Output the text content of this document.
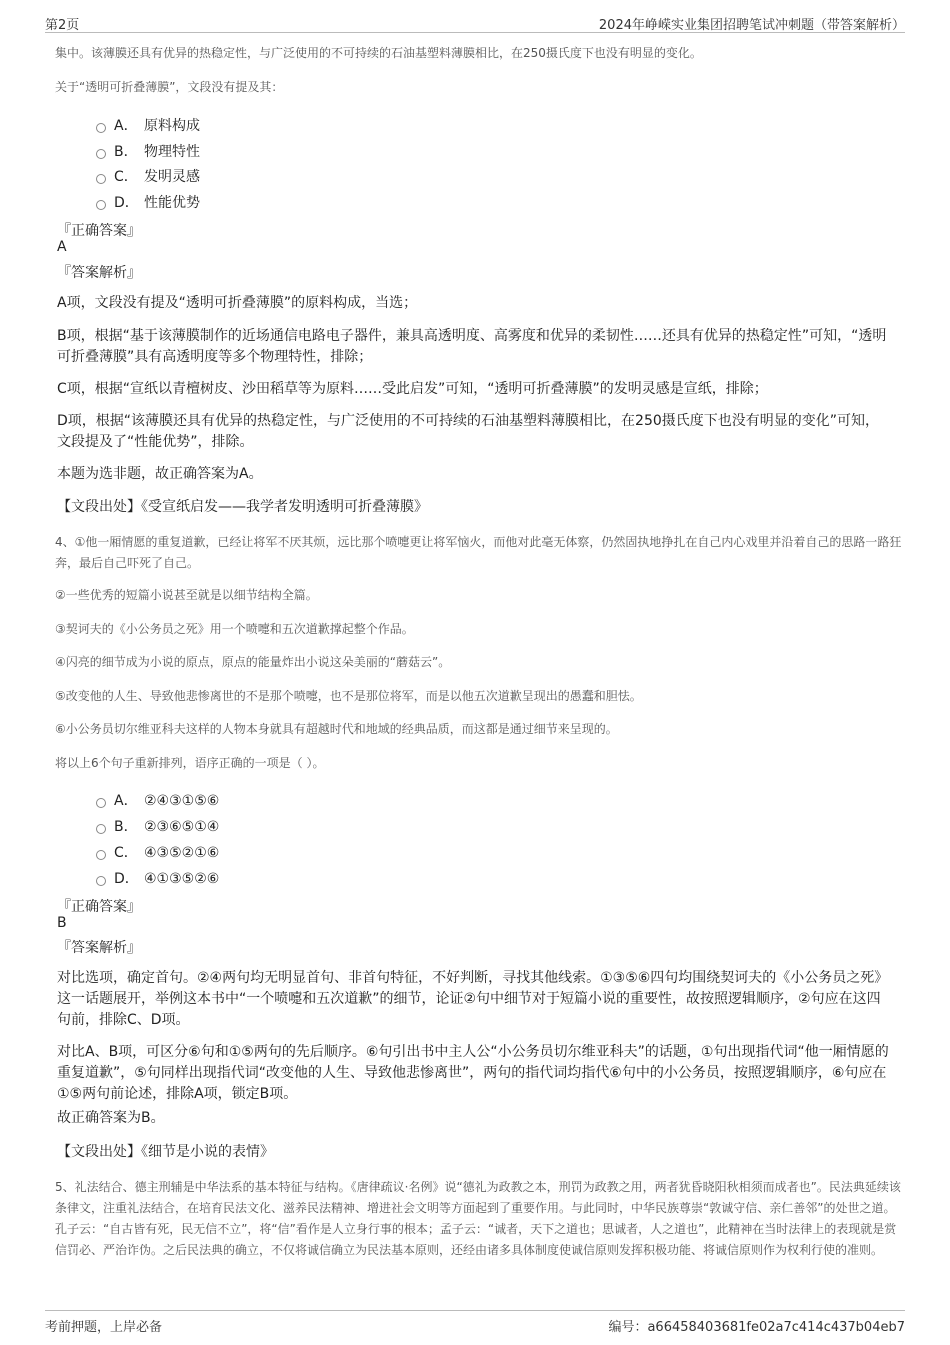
第2页	2024年峥嵘实业集团招聘笔试冲刺题（带答案解析）
集中。该薄膜还具有优异的热稳定性，与广泛使用的不可持续的石油基塑料薄膜相比，在250摄氏度下也没有明显的变化。
关于“透明可折叠薄膜”，文段没有提及其：
A． 原料构成
B． 物理特性
C． 发明灵感
D． 性能优势
『正确答案』
A
『答案解析』
A项，文段没有提及“透明可折叠薄膜”的原料构成，当选；
B项，根据“基于该薄膜制作的近场通信电路电子器件，兼具高透明度、高雾度和优异的柔韧性……还具有优异的热稳定性”可知，“透明可折叠薄膜”具有高透明度等多个物理特性，排除；
C项，根据“宣纸以青檀树皮、沙田稻草等为原料……受此启发”可知，“透明可折叠薄膜”的发明灵感是宣纸，排除；
D项，根据“该薄膜还具有优异的热稳定性，与广泛使用的不可持续的石油基塑料薄膜相比，在250摄氏度下也没有明显的变化”可知，文段提及了“性能优势”，排除。
本题为选非题，故正确答案为A。
【文段出处】《受宣纸启发——我学者发明透明可折叠薄膜》
4、①他一厢情愿的重复道歉，已经让将军不厌其烦，远比那个喷嚏更让将军恼火，而他对此毫无体察，仍然固执地挣扎在自己内心戏里并沿着自己的思路一路狂奔，最后自己吓死了自己。
②一些优秀的短篇小说甚至就是以细节结构全篇。
③契诃夫的《小公务员之死》用一个喷嚏和五次道歉撑起整个作品。
④闪亮的细节成为小说的原点，原点的能量炸出小说这朵美丽的“蘑菇云”。
⑤改变他的人生、导致他悲惨离世的不是那个喷嚏，也不是那位将军，而是以他五次道歉呈现出的愚蠢和胆怯。
⑥小公务员切尔维亚科夫这样的人物本身就具有超越时代和地域的经典品质，而这都是通过细节来呈现的。
将以上6个句子重新排列，语序正确的一项是（ ）。
A． ②④③①⑤⑥
B． ②③⑥⑤①④
C． ④③⑤②①⑥
D． ④①③⑤②⑥
『正确答案』
B
『答案解析』
对比选项，确定首句。②④两句均无明显首句、非首句特征，不好判断，寻找其他线索。①③⑤⑥四句均围绕契诃夫的《小公务员之死》这一话题展开，举例这本书中“一个喷嚏和五次道歉”的细节，论证②句中细节对于短篇小说的重要性，故按照逻辑顺序，②句应在这四句前，排除C、D项。
对比A、B项，可区分⑥句和①⑤两句的先后顺序。⑥句引出书中主人公“小公务员切尔维亚科夫”的话题，①句出现指代词“他一厢情愿的重复道歉”，⑤句同样出现指代词“改变他的人生、导致他悲惨离世”，两句的指代词均指代⑥句中的小公务员，按照逻辑顺序，⑥句应在①⑤两句前论述，排除A项，锁定B项。
故正确答案为B。
【文段出处】《细节是小说的表情》
5、礼法结合、德主刑辅是中华法系的基本特征与结构。《唐律疏议·名例》说“德礼为政教之本，刑罚为政教之用，两者犹昏晓阳秋相须而成者也”。民法典延续该条律文，注重礼法结合，在培育民法文化、滋养民法精神、增进社会文明等方面起到了重要作用。与此同时，中华民族尊崇“敦诚守信、亲仁善邻”的处世之道。孔子云：“自古皆有死，民无信不立”，将“信”看作是人立身行事的根本；孟子云：“诚者，天下之道也；思诚者，人之道也”，此精神在当时法律上的表现就是赏信罚必、严治诈伪。之后民法典的确立，不仅将诚信确立为民法基本原则，还经由诸多具体制度使诚信原则发挥积极功能、将诚信原则作为权利行使的准则。
考前押题，上岸必备	编号：a66458403681fe02a7c414c437b04eb7
